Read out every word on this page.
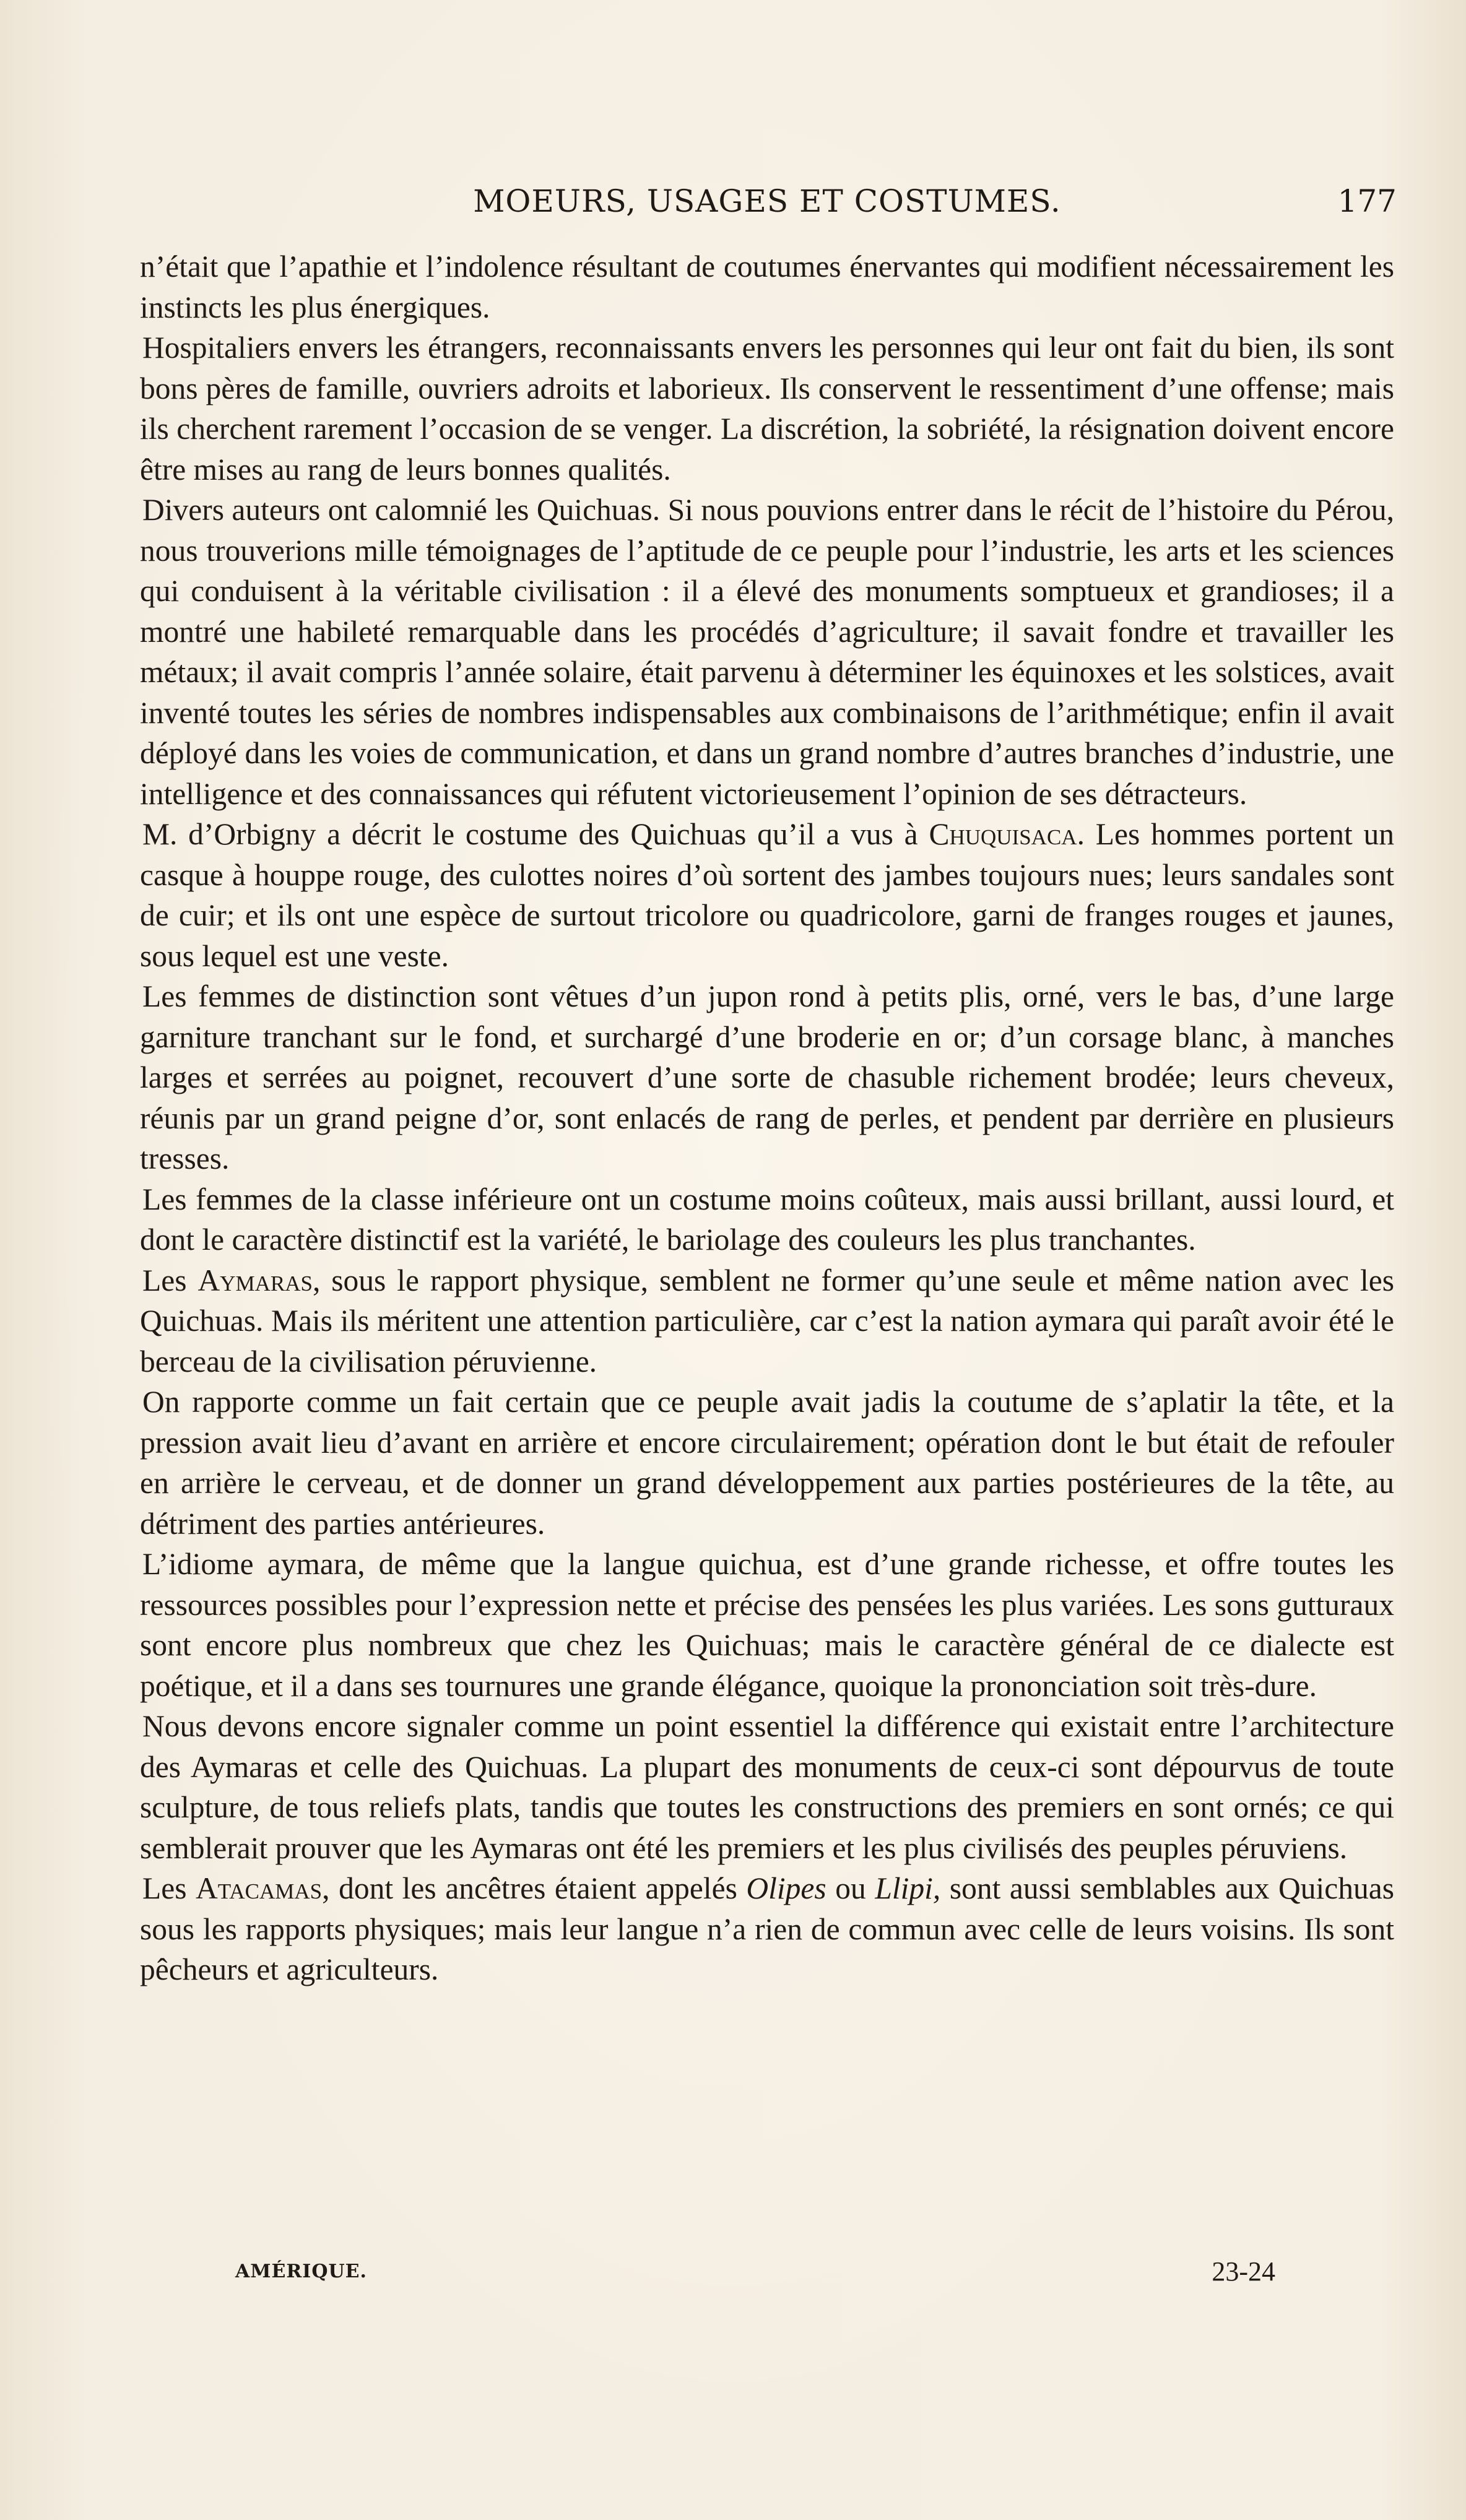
MOEURS, USAGES ET COSTUMES.	177

n’était que l’apathie et l’indolence résultant de coutumes énervantes qui modifient nécessairement les instincts les plus énergiques.

Hospitaliers envers les étrangers, reconnaissants envers les personnes qui leur ont fait du bien, ils sont bons pères de famille, ouvriers adroits et laborieux. Ils conservent le ressentiment d’une offense; mais ils cherchent rarement l’occasion de se venger. La discrétion, la sobriété, la résignation doivent encore être mises au rang de leurs bonnes qualités.

Divers auteurs ont calomnié les Quichuas. Si nous pouvions entrer dans le récit de l’histoire du Pérou, nous trouverions mille témoignages de l’aptitude de ce peuple pour l’industrie, les arts et les sciences qui conduisent à la véritable civilisation : il a élevé des monuments somptueux et grandioses; il a montré une habileté remarquable dans les procédés d’agriculture; il savait fondre et travailler les métaux; il avait compris l’année solaire, était parvenu à déterminer les équinoxes et les solstices, avait inventé toutes les séries de nombres indispensables aux combinaisons de l’arithmétique; enfin il avait déployé dans les voies de communication, et dans un grand nombre d’autres branches d’industrie, une intelligence et des connaissances qui réfutent victorieusement l’opinion de ses détracteurs.

M. d’Orbigny a décrit le costume des Quichuas qu’il a vus à Chuquisaca. Les hommes portent un casque à houppe rouge, des culottes noires d’où sortent des jambes toujours nues; leurs sandales sont de cuir; et ils ont une espèce de surtout tricolore ou quadricolore, garni de franges rouges et jaunes, sous lequel est une veste.

Les femmes de distinction sont vêtues d’un jupon rond à petits plis, orné, vers le bas, d’une large garniture tranchant sur le fond, et surchargé d’une broderie en or; d’un corsage blanc, à manches larges et serrées au poignet, recouvert d’une sorte de chasuble richement brodée; leurs cheveux, réunis par un grand peigne d’or, sont enlacés de rang de perles, et pendent par derrière en plusieurs tresses.

Les femmes de la classe inférieure ont un costume moins coûteux, mais aussi brillant, aussi lourd, et dont le caractère distinctif est la variété, le bariolage des couleurs les plus tranchantes.

Les Aymaras, sous le rapport physique, semblent ne former qu’une seule et même nation avec les Quichuas. Mais ils méritent une attention particulière, car c’est la nation aymara qui paraît avoir été le berceau de la civilisation péruvienne.

On rapporte comme un fait certain que ce peuple avait jadis la coutume de s’aplatir la tête, et la pression avait lieu d’avant en arrière et encore circulairement; opération dont le but était de refouler en arrière le cerveau, et de donner un grand développement aux parties postérieures de la tête, au détriment des parties antérieures.

L’idiome aymara, de même que la langue quichua, est d’une grande richesse, et offre toutes les ressources possibles pour l’expression nette et précise des pensées les plus variées. Les sons gutturaux sont encore plus nombreux que chez les Quichuas; mais le caractère général de ce dialecte est poétique, et il a dans ses tournures une grande élégance, quoique la prononciation soit très-dure.

Nous devons encore signaler comme un point essentiel la différence qui existait entre l’architecture des Aymaras et celle des Quichuas. La plupart des monuments de ceux-ci sont dépourvus de toute sculpture, de tous reliefs plats, tandis que toutes les constructions des premiers en sont ornés; ce qui semblerait prouver que les Aymaras ont été les premiers et les plus civilisés des peuples péruviens.

Les Atacamas, dont les ancêtres étaient appelés Olipes ou Llipi, sont aussi semblables aux Quichuas sous les rapports physiques; mais leur langue n’a rien de commun avec celle de leurs voisins. Ils sont pêcheurs et agriculteurs.

AMÉRIQUE.	23-24
